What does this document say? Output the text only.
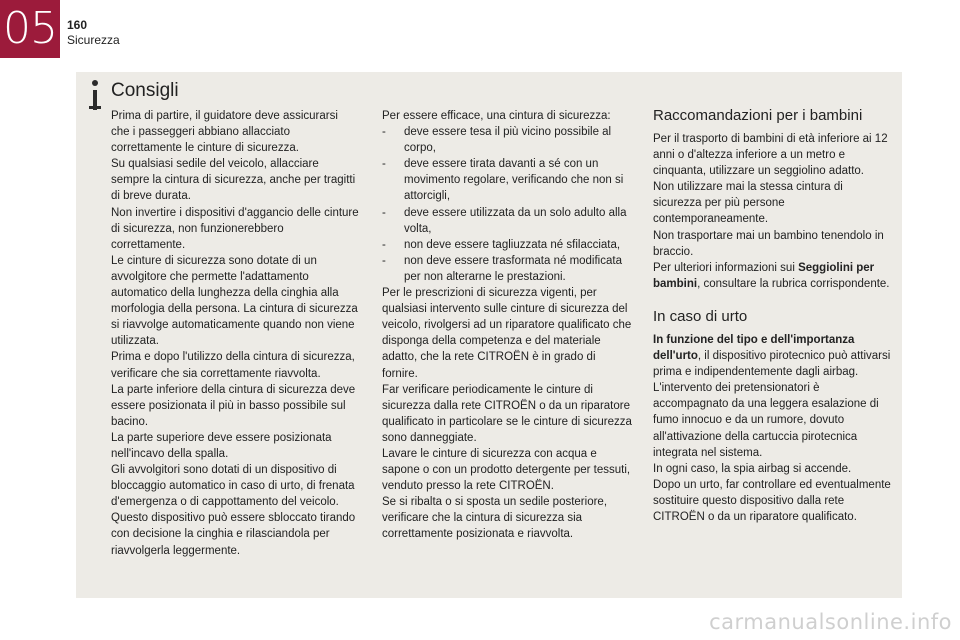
05 160
Sicurezza
Consigli

Prima di partire, il guidatore deve assicurarsi che i passeggeri abbiano allacciato correttamente le cinture di sicurezza.

Su qualsiasi sedile del veicolo, allacciare sempre la cintura di sicurezza, anche per tragitti di breve durata.

Non invertire i dispositivi d'aggancio delle cinture di sicurezza, non funzionerebbero correttamente.

Le cinture di sicurezza sono dotate di un avvolgitore che permette l'adattamento automatico della lunghezza della cinghia alla morfologia della persona. La cintura di sicurezza si riavvolge automaticamente quando non viene utilizzata.

Prima e dopo l'utilizzo della cintura di sicurezza, verificare che sia correttamente riavvolta.

La parte inferiore della cintura di sicurezza deve essere posizionata il più in basso possibile sul bacino.

La parte superiore deve essere posizionata nell'incavo della spalla.

Gli avvolgitori sono dotati di un dispositivo di bloccaggio automatico in caso di urto, di frenata d'emergenza o di cappottamento del veicolo. Questo dispositivo può essere sbloccato tirando con decisione la cinghia e rilasciandola per riavvolgerla leggermente.

Per essere efficace, una cintura di sicurezza:

-	deve essere tesa il più vicino possibile al corpo,
-	deve essere tirata davanti a sé con un movimento regolare, verificando che non si attorcigli,
-	deve essere utilizzata da un solo adulto alla volta,
-	non deve essere tagliuzzata né sfilacciata,
-	non deve essere trasformata né modificata per non alterarne le prestazioni.

Per le prescrizioni di sicurezza vigenti, per qualsiasi intervento sulle cinture di sicurezza del veicolo, rivolgersi ad un riparatore qualificato che disponga della competenza e del materiale adatto, che la rete CITROËN è in grado di fornire.

Far verificare periodicamente le cinture di sicurezza dalla rete CITROËN o da un riparatore qualificato in particolare se le cinture di sicurezza sono danneggiate.

Lavare le cinture di sicurezza con acqua e sapone o con un prodotto detergente per tessuti, venduto presso la rete CITROËN.

Se si ribalta o si sposta un sedile posteriore, verificare che la cintura di sicurezza sia correttamente posizionata e riavvolta.

Raccomandazioni per i bambini

Per il trasporto di bambini di età inferiore ai 12 anni o d'altezza inferiore a un metro e cinquanta, utilizzare un seggiolino adatto.

Non utilizzare mai la stessa cintura di sicurezza per più persone contemporaneamente.

Non trasportare mai un bambino tenendolo in braccio.

Per ulteriori informazioni sui Seggiolini per bambini, consultare la rubrica corrispondente.

In caso di urto

In funzione del tipo e dell'importanza dell'urto, il dispositivo pirotecnico può attivarsi prima e indipendentemente dagli airbag. L'intervento dei pretensionatori è accompagnato da una leggera esalazione di fumo innocuo e da un rumore, dovuto all'attivazione della cartuccia pirotecnica integrata nel sistema.

In ogni caso, la spia airbag si accende.

Dopo un urto, far controllare ed eventualmente sostituire questo dispositivo dalla rete CITROËN o da un riparatore qualificato.

carmanualsonline.info
